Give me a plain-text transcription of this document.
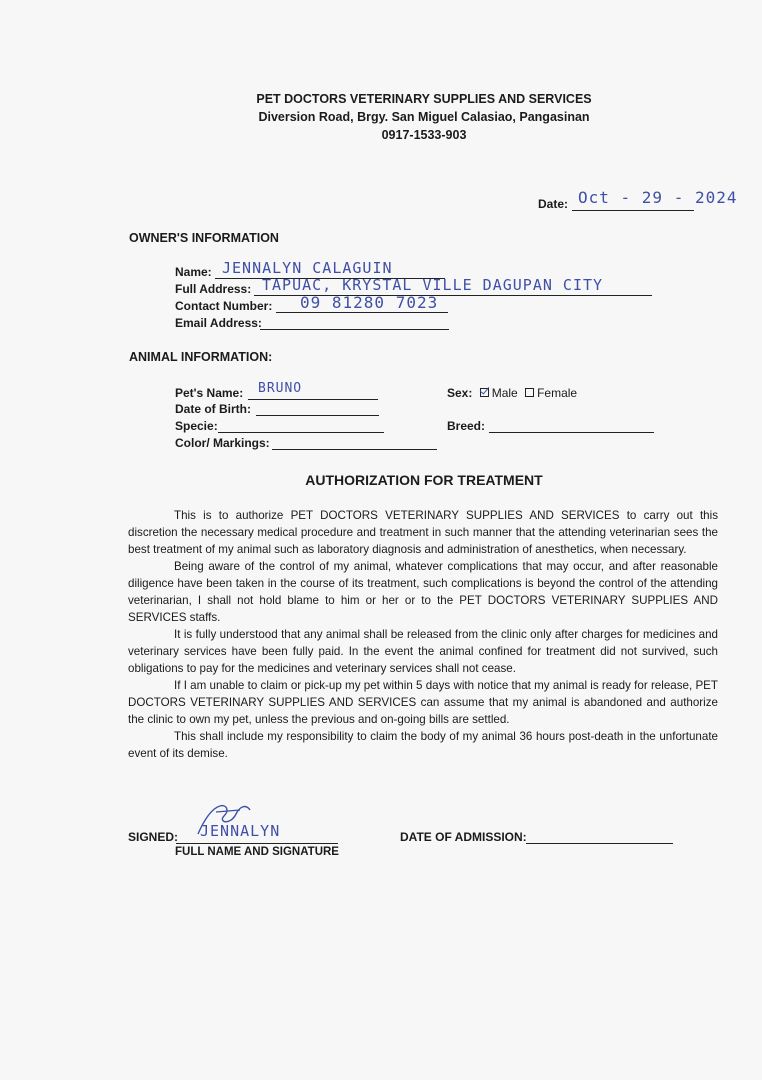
PET DOCTORS VETERINARY SUPPLIES AND SERVICES
Diversion Road, Brgy. San Miguel Calasiao, Pangasinan
0917-1533-903
Date: Oct - 29 - 2024
OWNER'S INFORMATION
Name: JENNALYN CALAGUIN
Full Address: TAPUAC, KRYSTAL VILLE DAGUPAN CITY
Contact Number: 09 81280 7023
Email Address:
ANIMAL INFORMATION:
Pet's Name: BRUNO
Date of Birth:
Specie:
Color/ Markings:
Sex: Male Female
Breed:
AUTHORIZATION FOR TREATMENT

This is to authorize PET DOCTORS VETERINARY SUPPLIES AND SERVICES to carry out this discretion the necessary medical procedure and treatment in such manner that the attending veterinarian sees the best treatment of my animal such as laboratory diagnosis and administration of anesthetics, when necessary.

Being aware of the control of my animal, whatever complications that may occur, and after reasonable diligence have been taken in the course of its treatment, such complications is beyond the control of the attending veterinarian, I shall not hold blame to him or her or to the PET DOCTORS VETERINARY SUPPLIES AND SERVICES staffs.

It is fully understood that any animal shall be released from the clinic only after charges for medicines and veterinary services have been fully paid. In the event the animal confined for treatment did not survived, such obligations to pay for the medicines and veterinary services shall not cease.

If I am unable to claim or pick-up my pet within 5 days with notice that my animal is ready for release, PET DOCTORS VETERINARY SUPPLIES AND SERVICES can assume that my animal is abandoned and authorize the clinic to own my pet, unless the previous and on-going bills are settled.

This shall include my responsibility to claim the body of my animal 36 hours post-death in the unfortunate event of its demise.

SIGNED: JENNALYN
FULL NAME AND SIGNATURE
DATE OF ADMISSION:
